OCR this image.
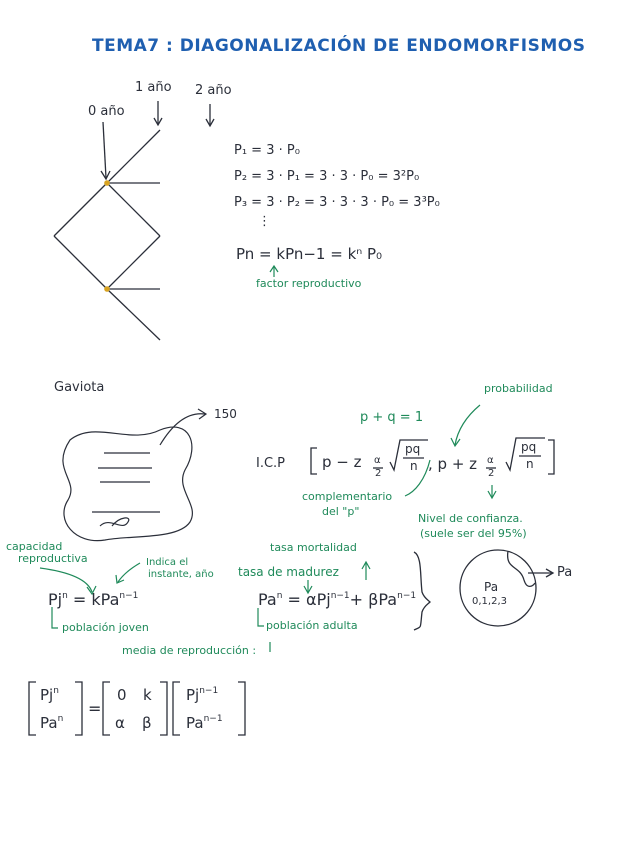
TEMA7 : DIAGONALIZACIÓN DE ENDOMORFISMOS
0 año
1 año 2 año
P₁ = 3 · P₀
P₂ = 3 · P₁ = 3 · 3 · P₀ = 3²P₀
P₃ = 3 · P₂ = 3 · 3 · 3 · P₀ = 3³P₀
⋮
Pn = kPn−1 = kⁿ P₀
factor reproductivo
Gaviota
150	p + q = 1
probabilidad
I.C.P p − z α
2
pq
n , p + z α
2
pq
n
complementario
del "p"
Nivel de confianza.
(suele ser del 95%)
capacidad
reproductiva	Indica el
instante, año
tasa mortalidad
tasa de madurez
$Pj^n = kPa^{n-1}$	$Pa^n = \alpha Pj^{n-1}+ \beta Pa^{n-1}$
población joven	población adulta
media de reproducción :
Pa
Pa
0,1,2,3
Pj$^n$
$Pa^n$
=
0 k
α β
$Pj^{n-1}$
$Pa^{n-1}$
